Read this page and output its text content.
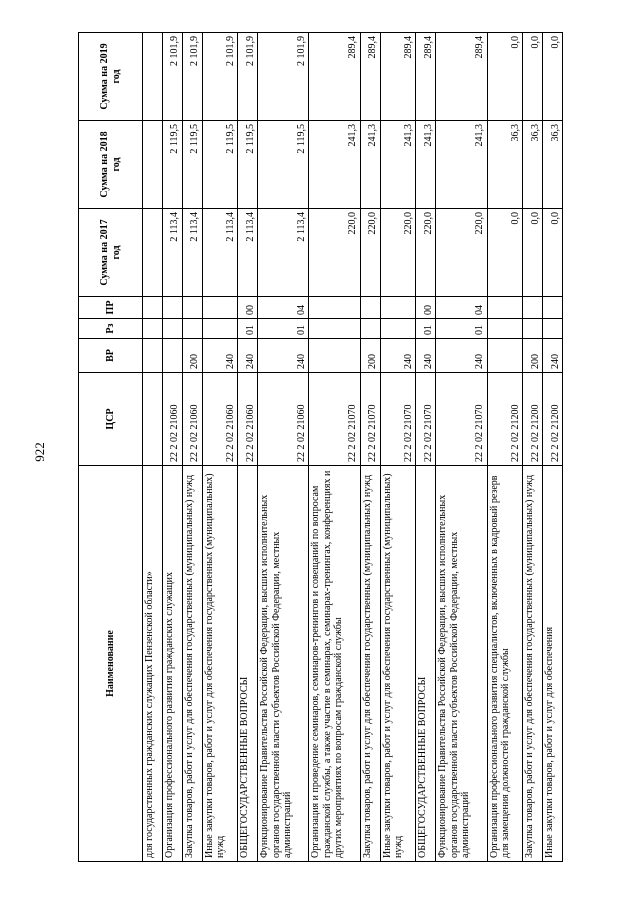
922
Наименование	ЦСР	ВР	Рз	ПР	Сумма на 2017 год	Сумма на 2018 год	Сумма на 2019 год
для государственных гражданских служащих Пензенской области»							
Организация профессионального развития гражданских служащих	22 2 02 21060				2 113,4	2 119,5	2 101,9
Закупка товаров, работ и услуг для обеспечения государственных (муниципальных) нужд	22 2 02 21060	200			2 113,4	2 119,5	2 101,9
Иные закупки товаров, работ и услуг для обеспечения государственных (муниципальных) нужд	22 2 02 21060	240			2 113,4	2 119,5	2 101,9
ОБЩЕГОСУДАРСТВЕННЫЕ ВОПРОСЫ	22 2 02 21060	240	01	00	2 113,4	2 119,5	2 101,9
Функционирование Правительства Российской Федерации, высших исполнительных органов государственной власти субъектов Российской Федерации, местных администраций	22 2 02 21060	240	01	04	2 113,4	2 119,5	2 101,9
Организация и проведение семинаров, семинаров-тренингов и совещаний по вопросам гражданской службы, а также участие в семинарах, семинарах-тренингах, конференциях и других мероприятиях по вопросам гражданской службы	22 2 02 21070				220,0	241,3	289,4
Закупка товаров, работ и услуг для обеспечения государственных (муниципальных) нужд	22 2 02 21070	200			220,0	241,3	289,4
Иные закупки товаров, работ и услуг для обеспечения государственных (муниципальных) нужд	22 2 02 21070	240			220,0	241,3	289,4
ОБЩЕГОСУДАРСТВЕННЫЕ ВОПРОСЫ	22 2 02 21070	240	01	00	220,0	241,3	289,4
Функционирование Правительства Российской Федерации, высших исполнительных органов государственной власти субъектов Российской Федерации, местных администраций	22 2 02 21070	240	01	04	220,0	241,3	289,4
Организация профессионального развития специалистов, включенных в кадровый резерв для замещения должностей гражданской службы	22 2 02 21200				0,0	36,3	0,0
Закупка товаров, работ и услуг для обеспечения государственных (муниципальных) нужд	22 2 02 21200	200			0,0	36,3	0,0
Иные закупки товаров, работ и услуг для обеспечения	22 2 02 21200	240			0,0	36,3	0,0
